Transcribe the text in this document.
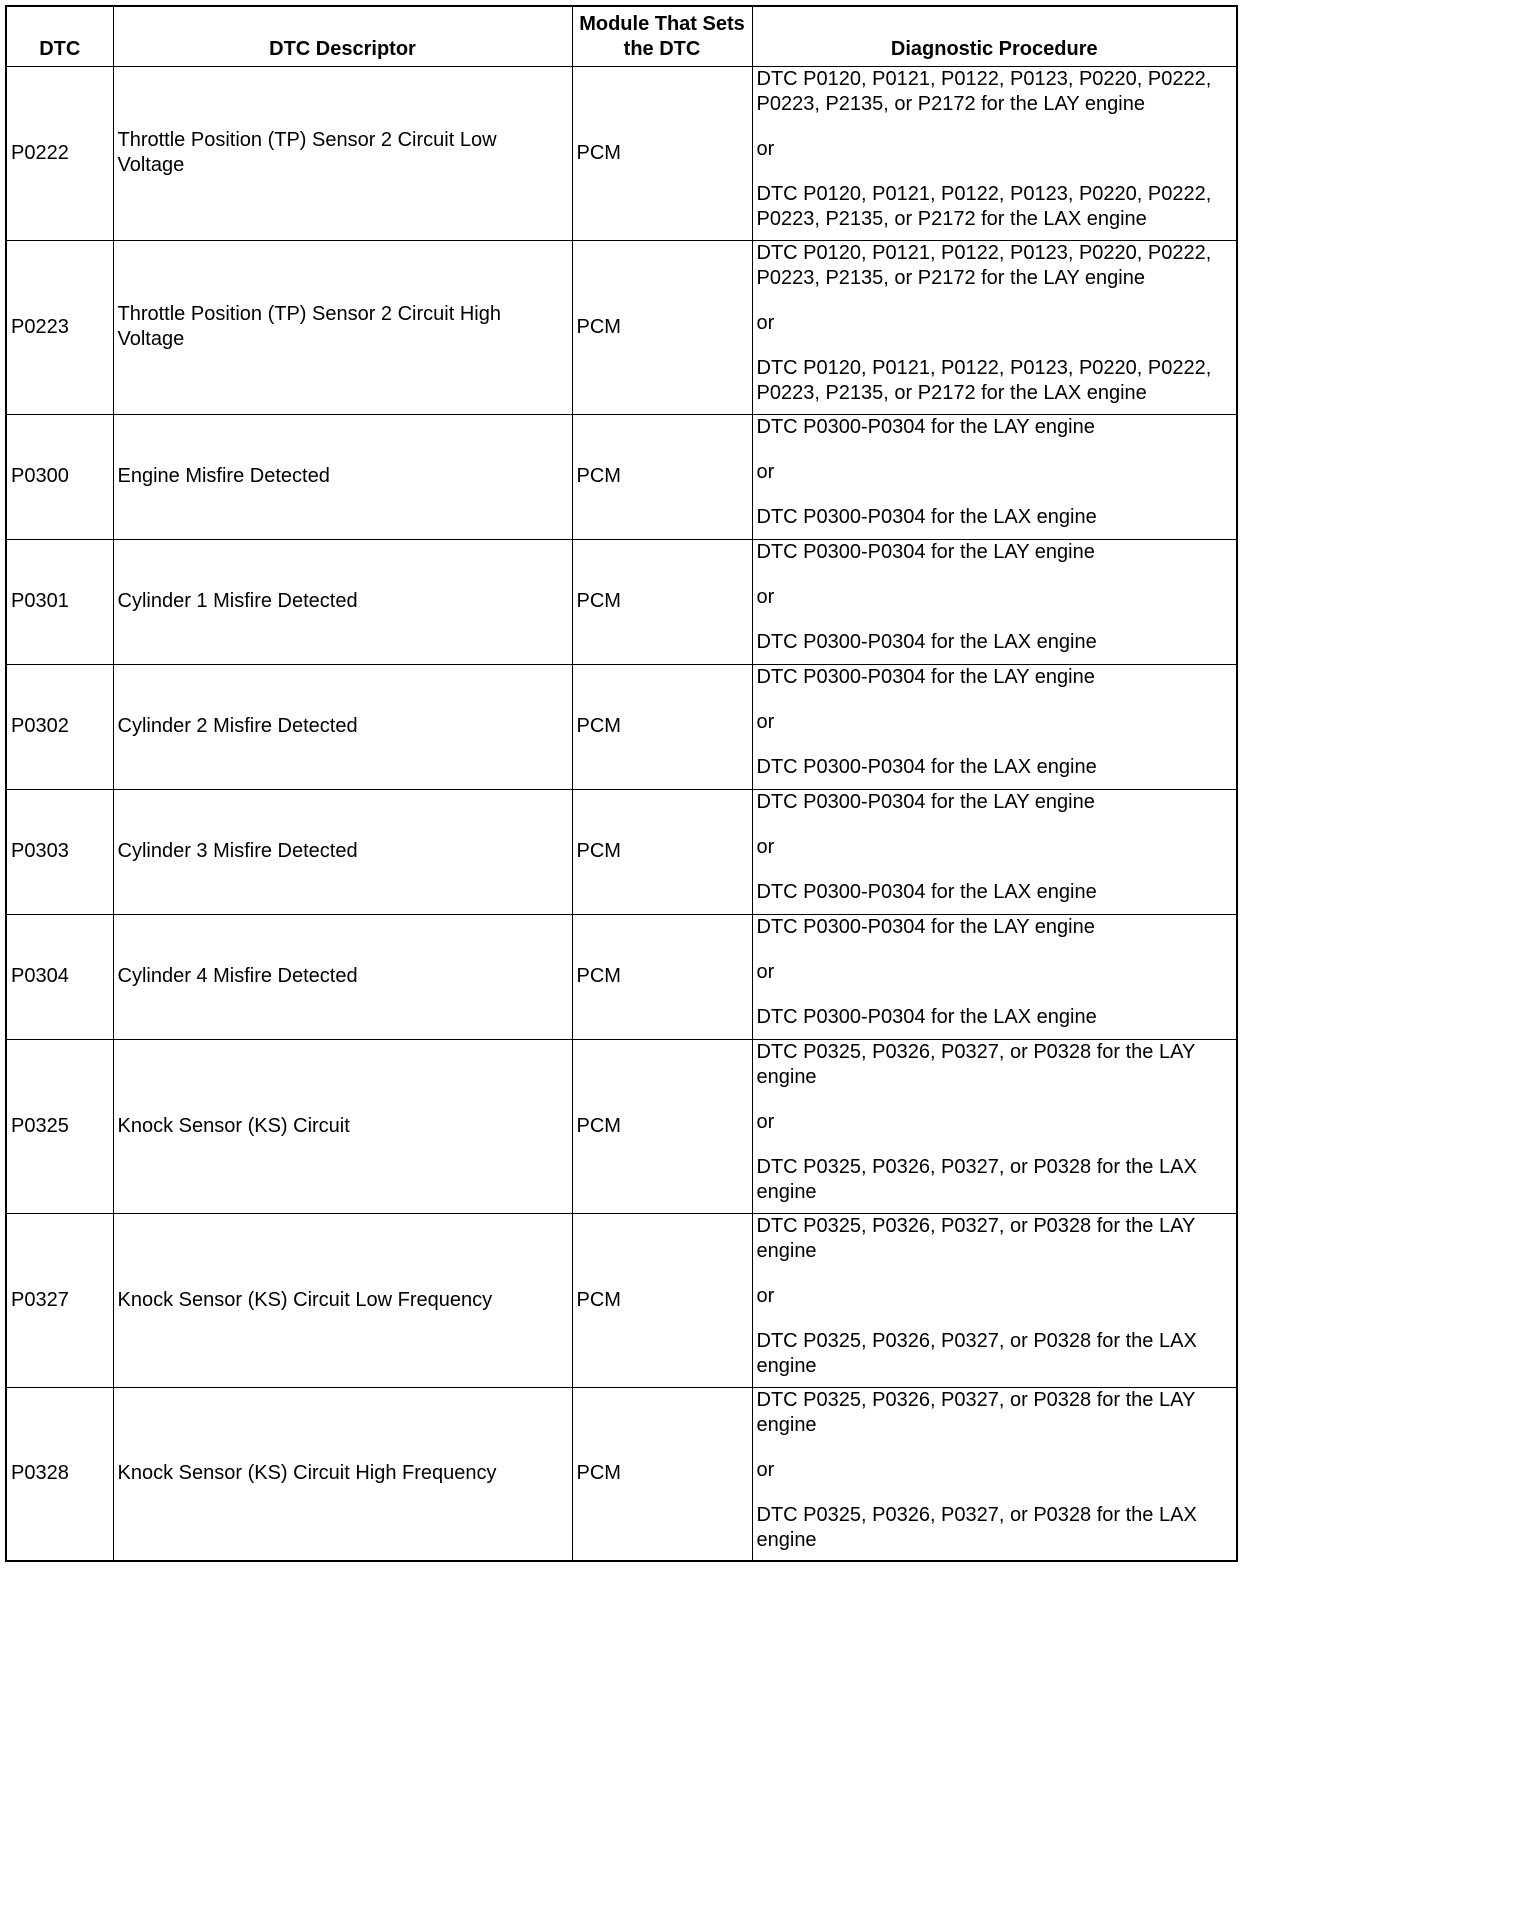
DTC	DTC Descriptor	Module That Sets the DTC	Diagnostic Procedure
P0222	Throttle Position (TP) Sensor 2 Circuit Low Voltage	PCM	DTC P0120, P0121, P0122, P0123, P0220, P0222, P0223, P2135, or P2172 for the LAY engine

or

DTC P0120, P0121, P0122, P0123, P0220, P0222, P0223, P2135, or P2172 for the LAX engine

P0223	Throttle Position (TP) Sensor 2 Circuit High Voltage	PCM	DTC P0120, P0121, P0122, P0123, P0220, P0222, P0223, P2135, or P2172 for the LAY engine

or

DTC P0120, P0121, P0122, P0123, P0220, P0222, P0223, P2135, or P2172 for the LAX engine

P0300	Engine Misfire Detected	PCM	DTC P0300-P0304 for the LAY engine

or

DTC P0300-P0304 for the LAX engine

P0301	Cylinder 1 Misfire Detected	PCM	DTC P0300-P0304 for the LAY engine

or

DTC P0300-P0304 for the LAX engine

P0302	Cylinder 2 Misfire Detected	PCM	DTC P0300-P0304 for the LAY engine

or

DTC P0300-P0304 for the LAX engine

P0303	Cylinder 3 Misfire Detected	PCM	DTC P0300-P0304 for the LAY engine

or

DTC P0300-P0304 for the LAX engine

P0304	Cylinder 4 Misfire Detected	PCM	DTC P0300-P0304 for the LAY engine

or

DTC P0300-P0304 for the LAX engine

P0325	Knock Sensor (KS) Circuit	PCM	DTC P0325, P0326, P0327, or P0328 for the LAY engine

or

DTC P0325, P0326, P0327, or P0328 for the LAX engine

P0327	Knock Sensor (KS) Circuit Low Frequency	PCM	DTC P0325, P0326, P0327, or P0328 for the LAY engine

or

DTC P0325, P0326, P0327, or P0328 for the LAX engine

P0328	Knock Sensor (KS) Circuit High Frequency	PCM	DTC P0325, P0326, P0327, or P0328 for the LAY engine

or

DTC P0325, P0326, P0327, or P0328 for the LAX engine
